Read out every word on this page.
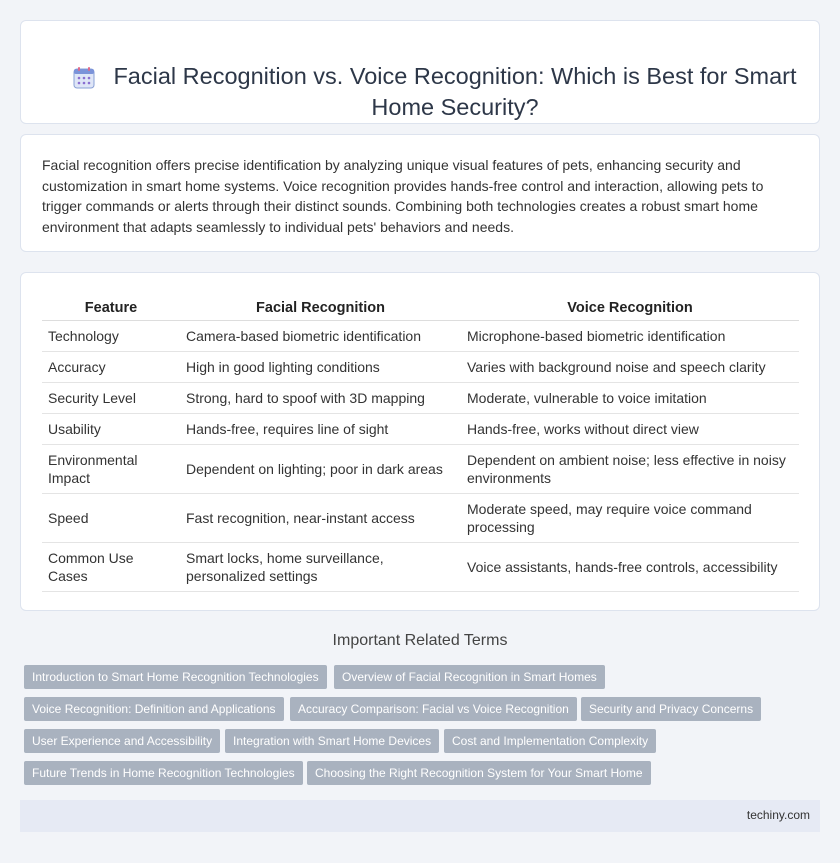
Facial Recognition vs. Voice Recognition: Which is Best for Smart Home Security?

Facial recognition offers precise identification by analyzing unique visual features of pets, enhancing security and customization in smart home systems. Voice recognition provides hands-free control and interaction, allowing pets to trigger commands or alerts through their distinct sounds. Combining both technologies creates a robust smart home environment that adapts seamlessly to individual pets' behaviors and needs.

Feature	Facial Recognition	Voice Recognition
Technology	Camera-based biometric identification	Microphone-based biometric identification
Accuracy	High in good lighting conditions	Varies with background noise and speech clarity
Security Level	Strong, hard to spoof with 3D mapping	Moderate, vulnerable to voice imitation
Usability	Hands-free, requires line of sight	Hands-free, works without direct view
Environmental Impact	Dependent on lighting; poor in dark areas	Dependent on ambient noise; less effective in noisy environments
Speed	Fast recognition, near-instant access	Moderate speed, may require voice command processing
Common Use Cases	Smart locks, home surveillance, personalized settings	Voice assistants, hands-free controls, accessibility
Important Related Terms
Introduction to Smart Home Recognition Technologies	Overview of Facial Recognition in Smart Homes
Voice Recognition: Definition and Applications	Accuracy Comparison: Facial vs Voice Recognition	Security and Privacy Concerns
User Experience and Accessibility	Integration with Smart Home Devices	Cost and Implementation Complexity
Future Trends in Home Recognition Technologies	Choosing the Right Recognition System for Your Smart Home
techiny.com
